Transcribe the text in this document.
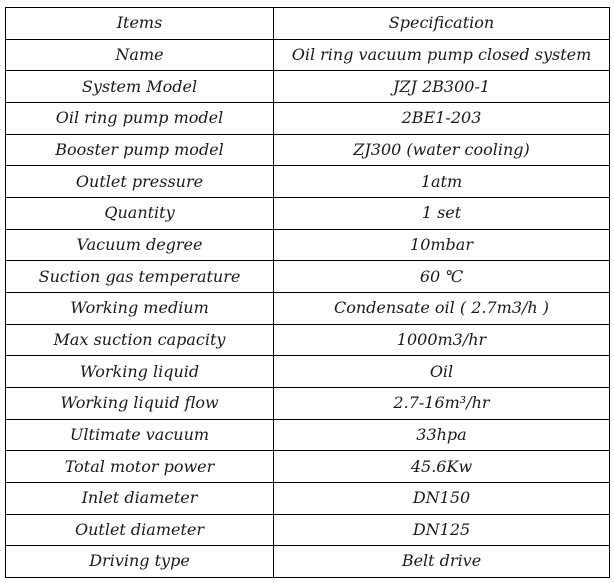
Items	Specification
Name	Oil ring vacuum pump closed system
System Model	JZJ 2B300-1
Oil ring pump model	2BE1-203
Booster pump model	ZJ300 (water cooling)
Outlet pressure	1atm
Quantity	1 set
Vacuum degree	10mbar
Suction gas temperature	60 ℃
Working medium	Condensate oil ( 2.7m3/h )
Max suction capacity	1000m3/hr
Working liquid	Oil
Working liquid flow	2.7-16m³/hr
Ultimate vacuum	33hpa
Total motor power	45.6Kw
Inlet diameter	DN150
Outlet diameter	DN125
Driving type	Belt drive
